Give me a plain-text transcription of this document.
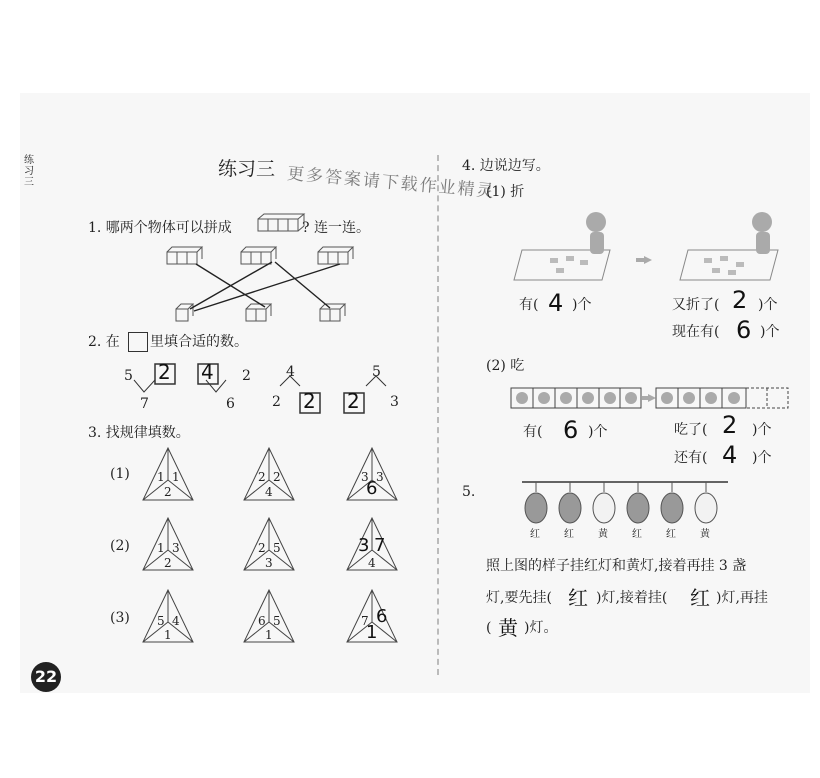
练习三
22
更多答案请下载作业精灵
练习三
1. 哪两个物体可以拼成	? 连一连。
2. 在 里填合适的数。
5 2
7
4 2
6
4
2 2
5
2 3
3. 找规律填数。
(1) 1 1
2
2 2
4
3 3
6
(2) 1 3
2
2 5
3
3 7
4
(3) 5 4
1
6 5
1
7 6
1
4. 边说边写。
(1) 折
有( 4 )个	又折了( 2 )个
现在有( 6 )个
(2) 吃
有( 6 )个	吃了( 2 )个
还有( 4 )个
5.
红 红 黄 红 红 黄
照上图的样子挂红灯和黄灯,接着再挂 3 盏
灯,要先挂( 红 )灯,接着挂( 红 )灯,再挂
( 黄 )灯。
